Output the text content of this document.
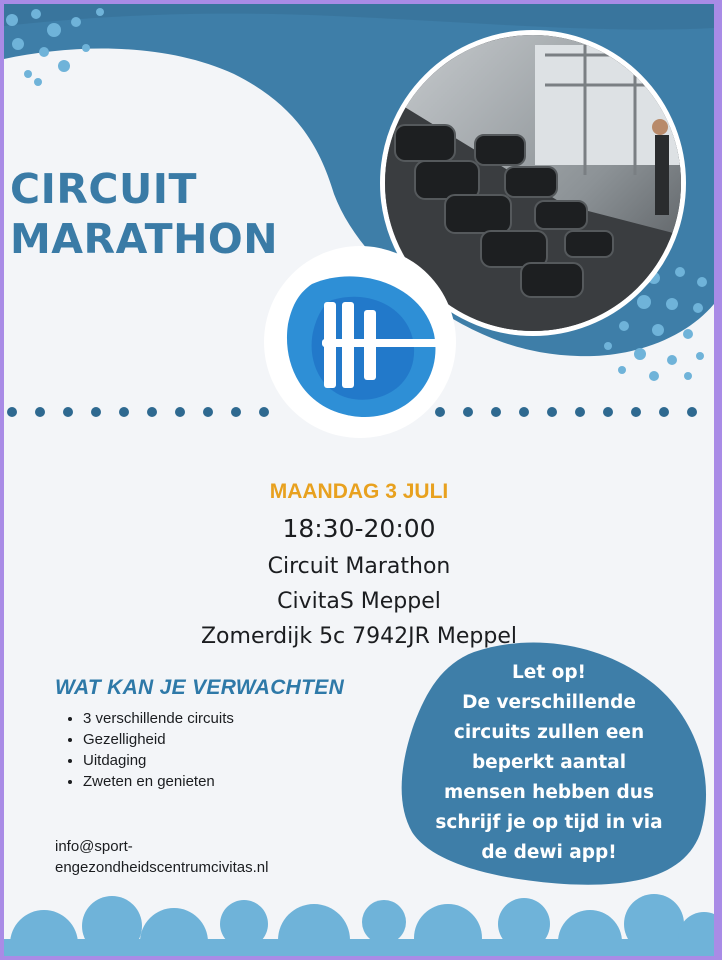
CIRCUIT
MARATHON
MAANDAG 3 JULI
18:30-20:00
Circuit Marathon
CivitaS Meppel
Zomerdijk 5c 7942JR Meppel
WAT KAN JE VERWACHTEN
• 3 verschillende circuits
• Gezelligheid
• Uitdaging
• Zweten en genieten
info@sport-
engezondheidscentrumcivitas.nl
Let op!
De verschillende
circuits zullen een
beperkt aantal
mensen hebben dus
schrijf je op tijd in via
de dewi app!
